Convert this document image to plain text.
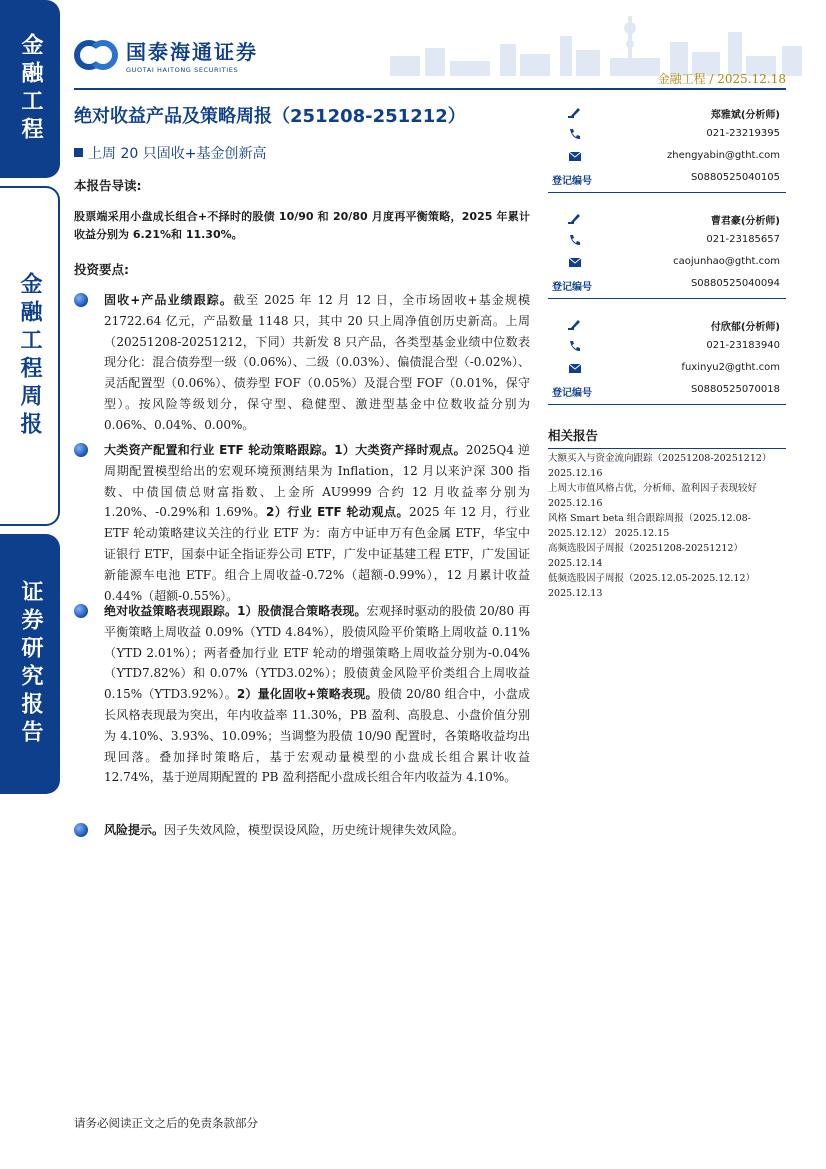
金融工程
金融工程周报
证券研究报告
国泰海通证券
GUOTAI HAITONG SECURITIES
金融工程 / 2025.12.18
绝对收益产品及策略周报（251208-251212）
上周 20 只固收+基金创新高
本报告导读:
股票端采用小盘成长组合+不择时的股债 10/90 和 20/80 月度再平衡策略，2025 年累计收益分别为 6.21%和 11.30%。
投资要点:
固收+产品业绩跟踪。截至 2025 年 12 月 12 日，全市场固收+基金规模 21722.64 亿元，产品数量 1148 只，其中 20 只上周净值创历史新高。上周（20251208-20251212，下同）共新发 8 只产品，各类型基金业绩中位数表现分化：混合债券型一级（0.06%）、二级（0.03%）、偏债混合型（-0.02%）、灵活配置型（0.06%）、债券型 FOF（0.05%）及混合型 FOF（0.01%，保守型）。按风险等级划分，保守型、稳健型、激进型基金中位数收益分别为 0.06%、0.04%、0.00%。
大类资产配置和行业 ETF 轮动策略跟踪。1）大类资产择时观点。2025Q4 逆周期配置模型给出的宏观环境预测结果为 Inflation，12 月以来沪深 300 指数、中债国债总财富指数、上金所 AU9999 合约 12 月收益率分别为 1.20%、-0.29%和 1.69%。2）行业 ETF 轮动观点。2025 年 12 月，行业 ETF 轮动策略建议关注的行业 ETF 为：南方中证申万有色金属 ETF，华宝中证银行 ETF，国泰中证全指证券公司 ETF，广发中证基建工程 ETF，广发国证新能源车电池 ETF。组合上周收益-0.72%（超额-0.99%），12 月累计收益 0.44%（超额-0.55%）。
绝对收益策略表现跟踪。1）股债混合策略表现。宏观择时驱动的股债 20/80 再平衡策略上周收益 0.09%（YTD 4.84%），股债风险平价策略上周收益 0.11%（YTD 2.01%）；两者叠加行业 ETF 轮动的增强策略上周收益分别为-0.04%（YTD7.82%）和 0.07%（YTD3.02%）；股债黄金风险平价类组合上周收益 0.15%（YTD3.92%）。2）量化固收+策略表现。股债 20/80 组合中，小盘成长风格表现最为突出，年内收益率 11.30%，PB 盈利、高股息、小盘价值分别为 4.10%、3.93%、10.09%；当调整为股债 10/90 配置时，各策略收益均出现回落。叠加择时策略后，基于宏观动量模型的小盘成长组合累计收益 12.74%，基于逆周期配置的 PB 盈利搭配小盘成长组合年内收益为 4.10%。
风险提示。因子失效风险，模型误设风险，历史统计规律失效风险。
郑雅斌(分析师)
021-23219395
zhengyabin@gtht.com
登记编号	S0880525040105
曹君豪(分析师)
021-23185657
caojunhao@gtht.com
登记编号	S0880525040094
付欣郁(分析师)
021-23183940
fuxinyu2@gtht.com
登记编号	S0880525070018
相关报告
大额买入与资金流向跟踪（20251208-20251212）2025.12.16
上周大市值风格占优，分析师、盈利因子表现较好 2025.12.16
风格 Smart beta 组合跟踪周报（2025.12.08-2025.12.12） 2025.12.15
高频选股因子周报（20251208-20251212） 2025.12.14
低频选股因子周报（2025.12.05-2025.12.12） 2025.12.13
请务必阅读正文之后的免责条款部分
